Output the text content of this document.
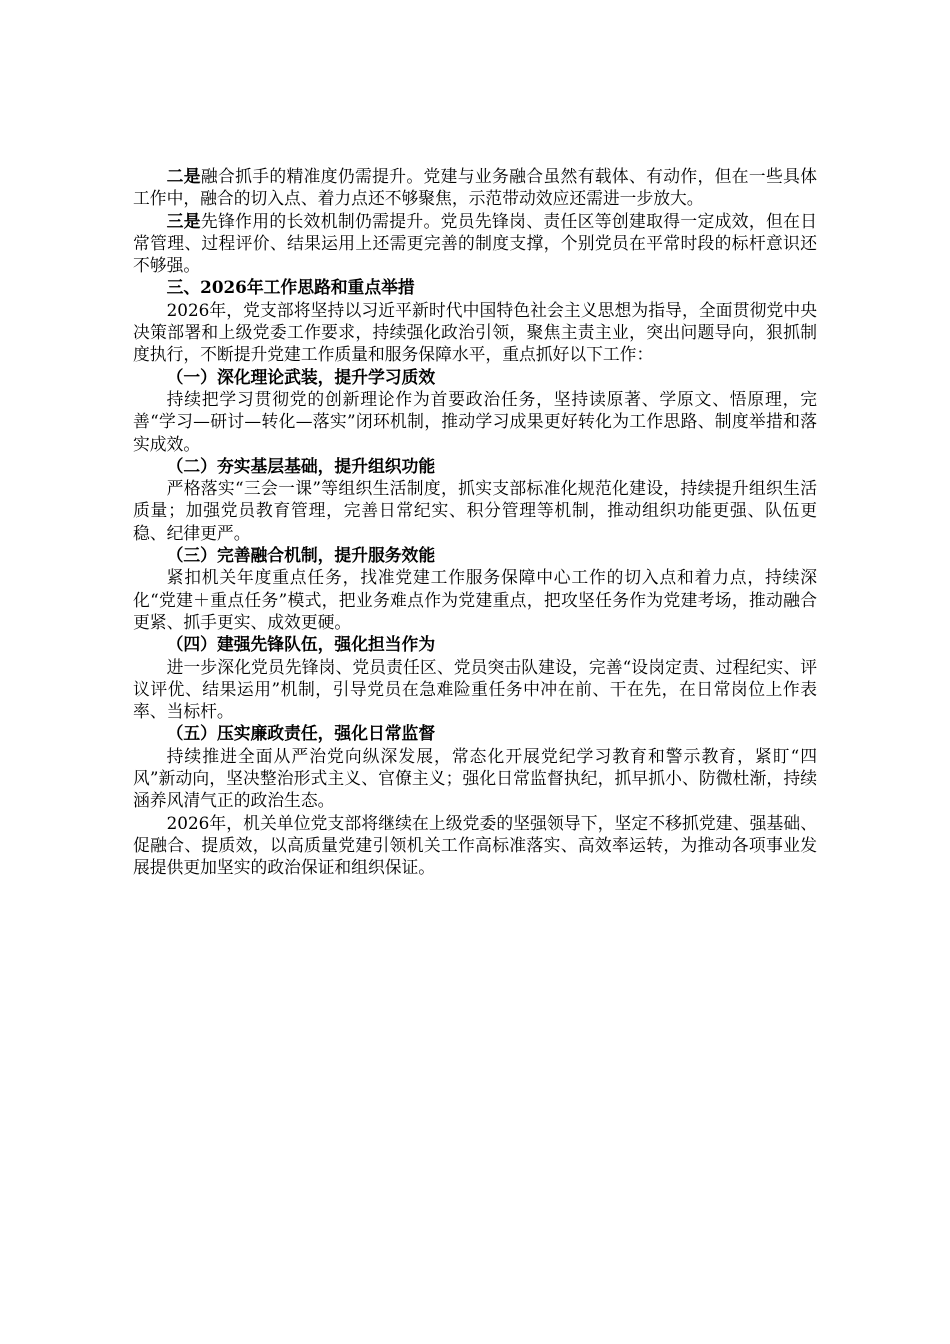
二是融合抓手的精准度仍需提升。党建与业务融合虽然有载体、有动作，但在一些具体工作中，融合的切入点、着力点还不够聚焦，示范带动效应还需进一步放大。

三是先锋作用的长效机制仍需提升。党员先锋岗、责任区等创建取得一定成效，但在日常管理、过程评价、结果运用上还需更完善的制度支撑，个别党员在平常时段的标杆意识还不够强。

三、2026年工作思路和重点举措

2026年，党支部将坚持以习近平新时代中国特色社会主义思想为指导，全面贯彻党中央决策部署和上级党委工作要求，持续强化政治引领，聚焦主责主业，突出问题导向，狠抓制度执行，不断提升党建工作质量和服务保障水平，重点抓好以下工作：

（一）深化理论武装，提升学习质效

持续把学习贯彻党的创新理论作为首要政治任务，坚持读原著、学原文、悟原理，完善“学习—研讨—转化—落实”闭环机制，推动学习成果更好转化为工作思路、制度举措和落实成效。

（二）夯实基层基础，提升组织功能

严格落实“三会一课”等组织生活制度，抓实支部标准化规范化建设，持续提升组织生活质量；加强党员教育管理，完善日常纪实、积分管理等机制，推动组织功能更强、队伍更稳、纪律更严。

（三）完善融合机制，提升服务效能

紧扣机关年度重点任务，找准党建工作服务保障中心工作的切入点和着力点，持续深化“党建＋重点任务”模式，把业务难点作为党建重点，把攻坚任务作为党建考场，推动融合更紧、抓手更实、成效更硬。

（四）建强先锋队伍，强化担当作为

进一步深化党员先锋岗、党员责任区、党员突击队建设，完善“设岗定责、过程纪实、评议评优、结果运用”机制，引导党员在急难险重任务中冲在前、干在先，在日常岗位上作表率、当标杆。

（五）压实廉政责任，强化日常监督

持续推进全面从严治党向纵深发展，常态化开展党纪学习教育和警示教育，紧盯“四风”新动向，坚决整治形式主义、官僚主义；强化日常监督执纪，抓早抓小、防微杜渐，持续涵养风清气正的政治生态。

2026年，机关单位党支部将继续在上级党委的坚强领导下，坚定不移抓党建、强基础、促融合、提质效，以高质量党建引领机关工作高标准落实、高效率运转，为推动各项事业发展提供更加坚实的政治保证和组织保证。
